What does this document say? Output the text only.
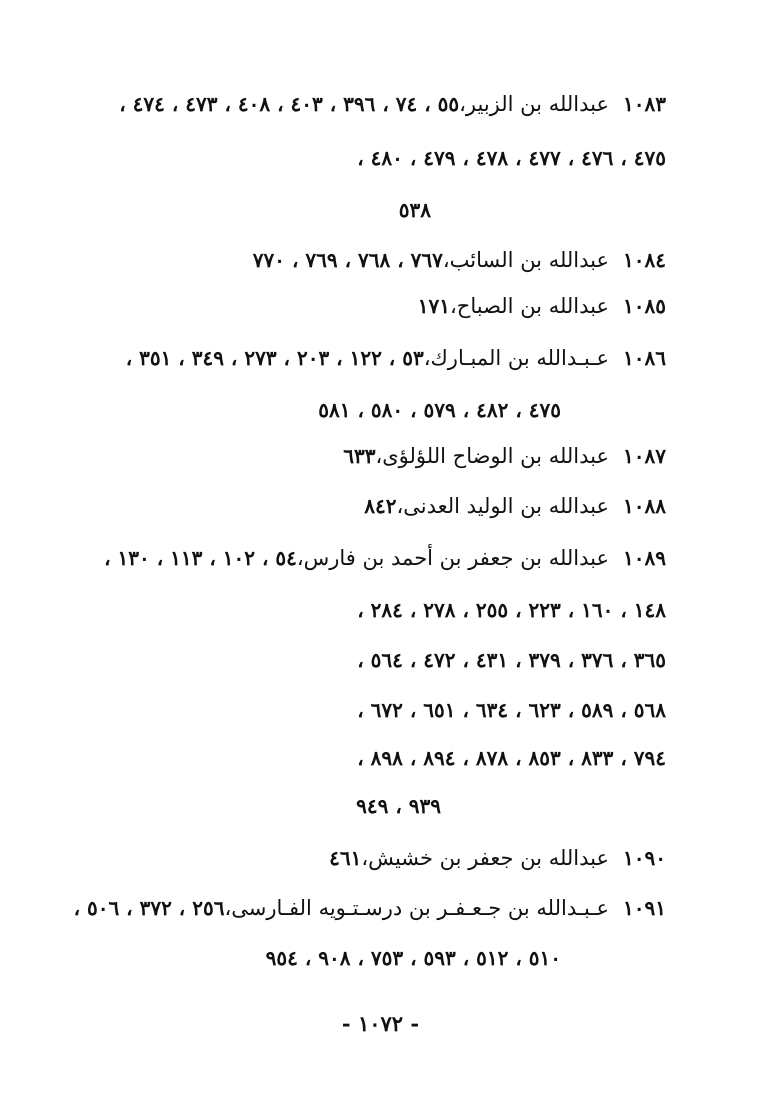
١٠٨٣عبدالله بن الزبير،٥٥ ، ٧٤ ، ٣٩٦ ، ٤٠٣ ، ٤٠٨ ، ٤٧٣ ، ٤٧٤ ،
٤٧٥ ، ٤٧٦ ، ٤٧٧ ، ٤٧٨ ، ٤٧٩ ، ٤٨٠ ،
٥٣٨
١٠٨٤عبدالله بن السائب،٧٦٧ ، ٧٦٨ ، ٧٦٩ ، ٧٧٠
١٠٨٥عبدالله بن الصباح،١٧١
١٠٨٦عـبـدالله بن المبـارك،٥٣ ، ١٢٢ ، ٢٠٣ ، ٢٧٣ ، ٣٤٩ ، ٣٥١ ،
٤٧٥ ، ٤٨٢ ، ٥٧٩ ، ٥٨٠ ، ٥٨١
١٠٨٧عبدالله بن الوضاح اللؤلؤى،٦٣٣
١٠٨٨عبدالله بن الوليد العدنى،٨٤٢
١٠٨٩عبدالله بن جعفر بن أحمد بن فارس،٥٤ ، ١٠٢ ، ١١٣ ، ١٣٠ ،
١٤٨ ، ١٦٠ ، ٢٢٣ ، ٢٥٥ ، ٢٧٨ ، ٢٨٤ ،
٣٦٥ ، ٣٧٦ ، ٣٧٩ ، ٤٣١ ، ٤٧٢ ، ٥٦٤ ،
٥٦٨ ، ٥٨٩ ، ٦٢٣ ، ٦٣٤ ، ٦٥١ ، ٦٧٢ ،
٧٩٤ ، ٨٣٣ ، ٨٥٣ ، ٨٧٨ ، ٨٩٤ ، ٨٩٨ ،
٩٣٩ ، ٩٤٩
١٠٩٠عبدالله بن جعفر بن خشيش،٤٦١
١٠٩١عـبـدالله بن جـعـفـر بن درسـتـويه الفـارسى،٢٥٦ ، ٣٧٢ ، ٥٠٦ ،
٥١٠ ، ٥١٢ ، ٥٩٣ ، ٧٥٣ ، ٩٠٨ ، ٩٥٤
- ١٠٧٢ -
